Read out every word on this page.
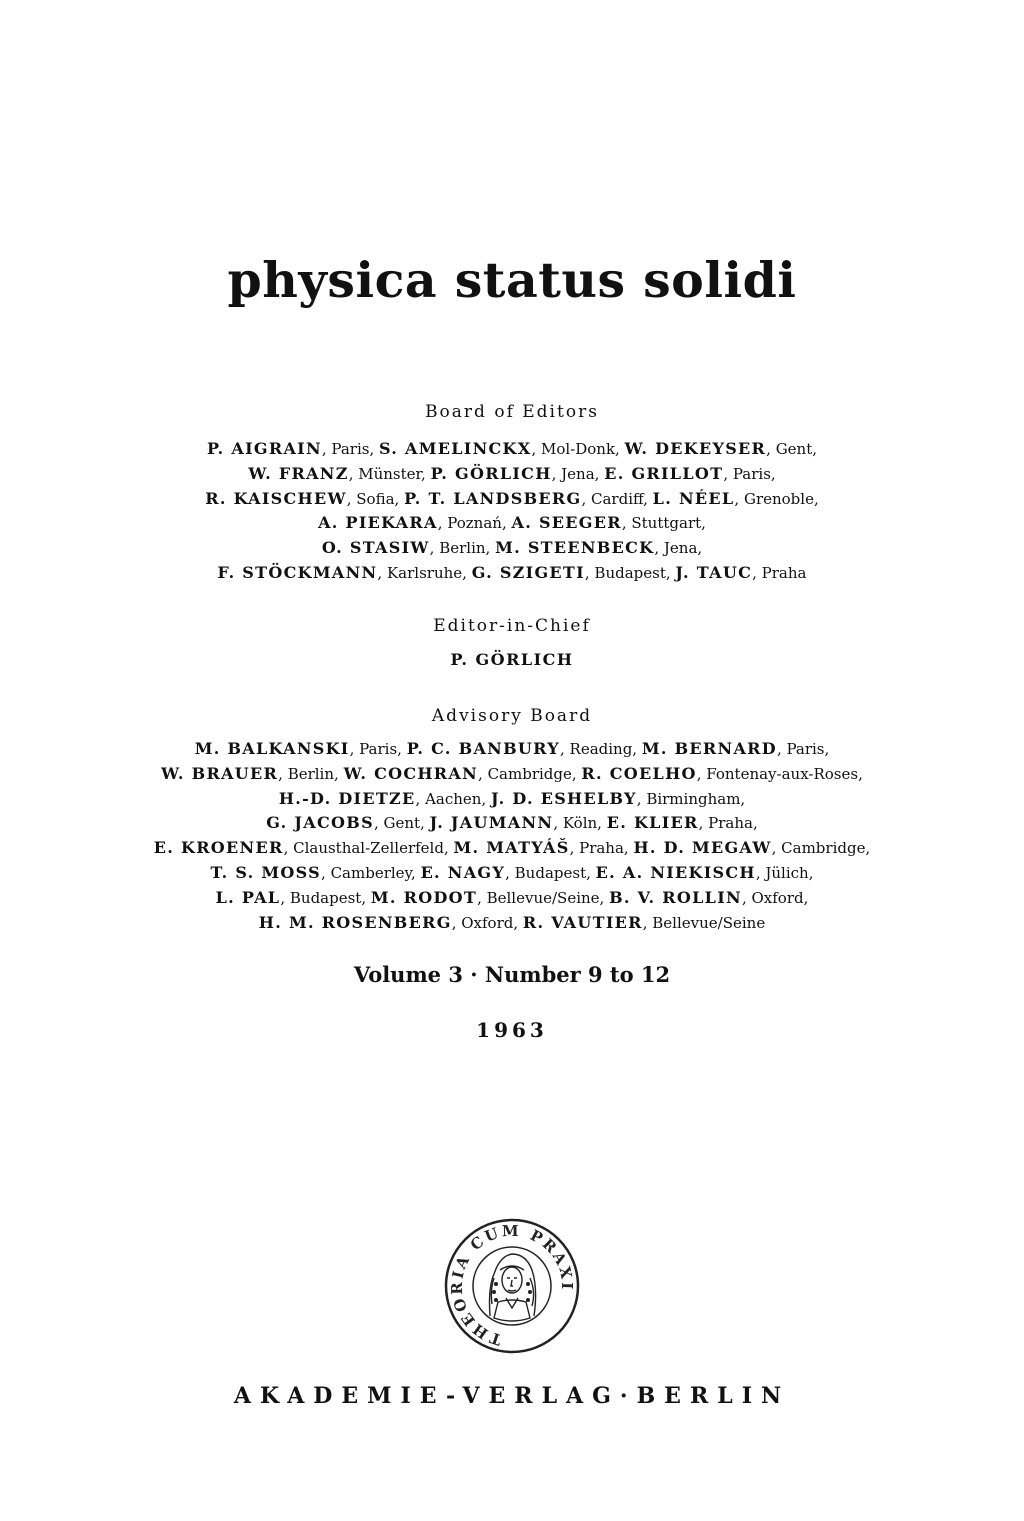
physica status solidi
Board of Editors
P. AIGRAIN, Paris, S. AMELINCKX, Mol-Donk, W. DEKEYSER, Gent,
W. FRANZ, Münster, P. GÖRLICH, Jena, E. GRILLOT, Paris,
R. KAISCHEW, Sofia, P. T. LANDSBERG, Cardiff, L. NÉEL, Grenoble,
A. PIEKARA, Poznań, A. SEEGER, Stuttgart,
O. STASIW, Berlin, M. STEENBECK, Jena,
F. STÖCKMANN, Karlsruhe, G. SZIGETI, Budapest, J. TAUC, Praha
Editor-in-Chief
P. GÖRLICH
Advisory Board
M. BALKANSKI, Paris, P. C. BANBURY, Reading, M. BERNARD, Paris,
W. BRAUER, Berlin, W. COCHRAN, Cambridge, R. COELHO, Fontenay-aux-Roses,
H.-D. DIETZE, Aachen, J. D. ESHELBY, Birmingham,
G. JACOBS, Gent, J. JAUMANN, Köln, E. KLIER, Praha,
E. KROENER, Clausthal-Zellerfeld, M. MATYÁŠ, Praha, H. D. MEGAW, Cambridge,
T. S. MOSS, Camberley, E. NAGY, Budapest, E. A. NIEKISCH, Jülich,
L. PAL, Budapest, M. RODOT, Bellevue/Seine, B. V. ROLLIN, Oxford,
H. M. ROSENBERG, Oxford, R. VAUTIER, Bellevue/Seine
Volume 3 · Number 9 to 12
1963
THEORIA CUM PRAXI
AKADEMIE-VERLAG·BERLIN
